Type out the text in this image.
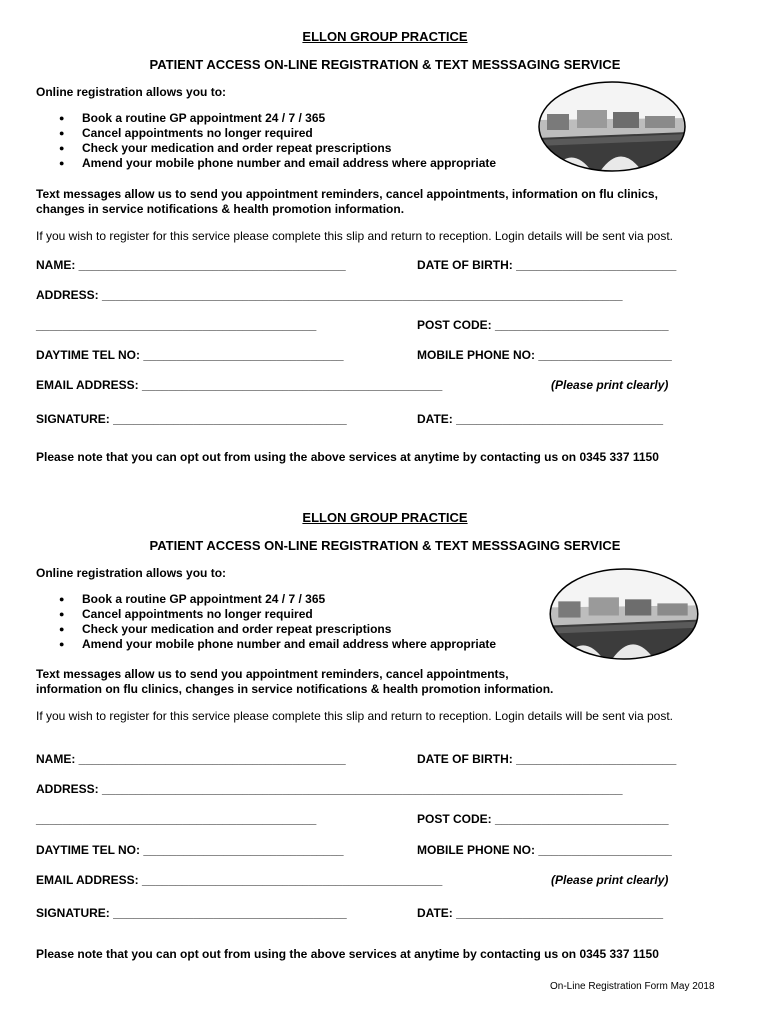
ELLON GROUP PRACTICE
PATIENT ACCESS ON-LINE REGISTRATION & TEXT MESSSAGING SERVICE
Online registration allows you to:
● Book a routine GP appointment 24 / 7 / 365
● Cancel appointments no longer required
● Check your medication and order repeat prescriptions
● Amend your mobile phone number and email address where appropriate
Text messages allow us to send you appointment reminders, cancel appointments, information on flu clinics,
changes in service notifications & health promotion information.
If you wish to register for this service please complete this slip and return to reception. Login details will be sent via post.
NAME: ________________________________________	DATE OF BIRTH: ________________________
ADDRESS: ______________________________________________________________________________
__________________________________________	POST CODE: __________________________
DAYTIME TEL NO: ______________________________	MOBILE PHONE NO: ____________________
EMAIL ADDRESS: _____________________________________________	(Please print clearly)
SIGNATURE: ___________________________________	DATE: _______________________________
Please note that you can opt out from using the above services at anytime by contacting us on 0345 337 1150
ELLON GROUP PRACTICE
PATIENT ACCESS ON-LINE REGISTRATION & TEXT MESSSAGING SERVICE
Online registration allows you to:
● Book a routine GP appointment 24 / 7 / 365
● Cancel appointments no longer required
● Check your medication and order repeat prescriptions
● Amend your mobile phone number and email address where appropriate
Text messages allow us to send you appointment reminders, cancel appointments,
information on flu clinics, changes in service notifications & health promotion information.
If you wish to register for this service please complete this slip and return to reception. Login details will be sent via post.
NAME: ________________________________________	DATE OF BIRTH: ________________________
ADDRESS: ______________________________________________________________________________
__________________________________________	POST CODE: __________________________
DAYTIME TEL NO: ______________________________	MOBILE PHONE NO: ____________________
EMAIL ADDRESS: _____________________________________________	(Please print clearly)
SIGNATURE: ___________________________________	DATE: _______________________________
Please note that you can opt out from using the above services at anytime by contacting us on 0345 337 1150
On-Line Registration Form May 2018
